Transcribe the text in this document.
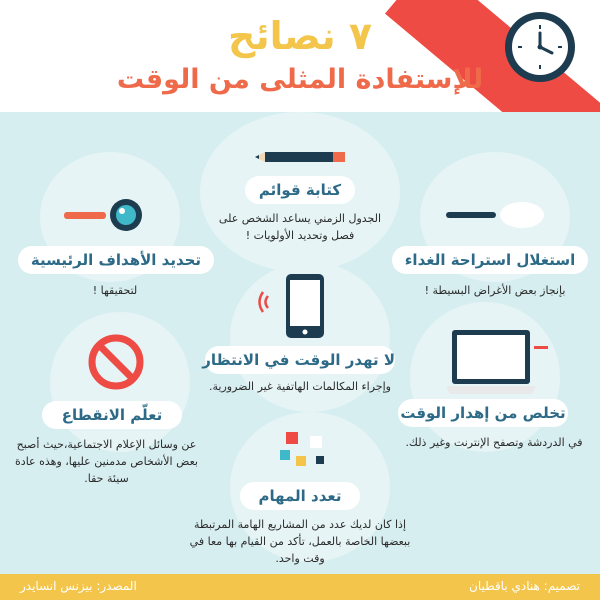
٧ نصائح
للإستفادة المثلى من الوقت
كتابة قوائم
الجدول الزمني يساعد الشخص على فصل وتحديد الأولويات !
تحديد الأهداف الرئيسية
لتحقيقها !
استغلال استراحة الغداء
بإنجاز بعض الأغراض البسيطة !
لا تهدر الوقت في الانتظار
وإجراء المكالمات الهاتفية غير الضرورية.
تعلّم الانقطاع
عن وسائل الإعلام الاجتماعية،حيث أصبح بعض الأشخاص مدمنين عليها، وهذه عادة سيئة حقا.
تخلص من إهدار الوقت
في الدردشة وتصفح الإنترنت وغير ذلك.
تعدد المهام
إذا كان لديك عدد من المشاريع الهامة المرتبطة ببعضها الخاصة بالعمل، تأكد من القيام بها معا في وقت واحد.
تصميم: هنادي باقطيان
المصدر: بيزنس انسايدر
